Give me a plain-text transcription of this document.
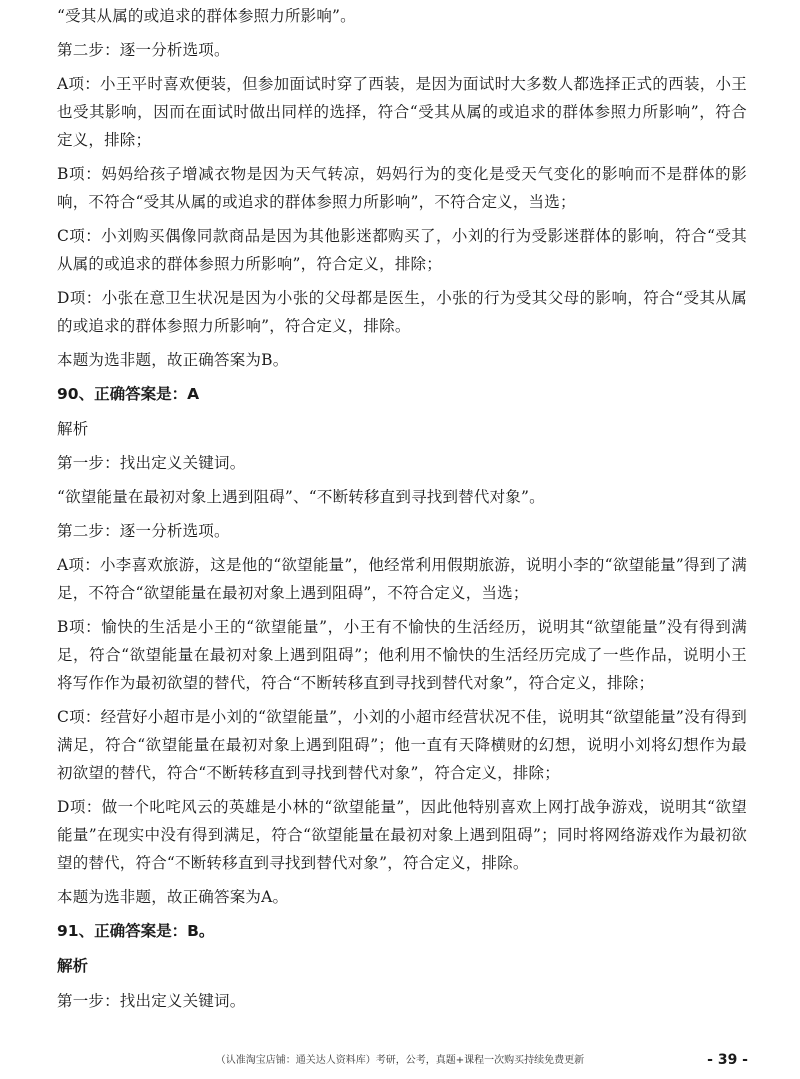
“受其从属的或追求的群体参照力所影响”。

第二步：逐一分析选项。

A项：小王平时喜欢便装，但参加面试时穿了西装，是因为面试时大多数人都选择正式的西装，小王也受其影响，因而在面试时做出同样的选择，符合“受其从属的或追求的群体参照力所影响”，符合定义，排除；

B项：妈妈给孩子增减衣物是因为天气转凉，妈妈行为的变化是受天气变化的影响而不是群体的影响，不符合“受其从属的或追求的群体参照力所影响”，不符合定义，当选；

C项：小刘购买偶像同款商品是因为其他影迷都购买了，小刘的行为受影迷群体的影响，符合“受其从属的或追求的群体参照力所影响”，符合定义，排除；

D项：小张在意卫生状况是因为小张的父母都是医生，小张的行为受其父母的影响，符合“受其从属的或追求的群体参照力所影响”，符合定义，排除。

本题为选非题，故正确答案为B。

90、正确答案是：A

解析

第一步：找出定义关键词。

“欲望能量在最初对象上遇到阻碍”、“不断转移直到寻找到替代对象”。

第二步：逐一分析选项。

A项：小李喜欢旅游，这是他的“欲望能量”，他经常利用假期旅游，说明小李的“欲望能量”得到了满足，不符合“欲望能量在最初对象上遇到阻碍”，不符合定义，当选；

B项：愉快的生活是小王的“欲望能量”，小王有不愉快的生活经历，说明其“欲望能量”没有得到满足，符合“欲望能量在最初对象上遇到阻碍”；他利用不愉快的生活经历完成了一些作品，说明小王将写作作为最初欲望的替代，符合“不断转移直到寻找到替代对象”，符合定义，排除；

C项：经营好小超市是小刘的“欲望能量”，小刘的小超市经营状况不佳，说明其“欲望能量”没有得到满足，符合“欲望能量在最初对象上遇到阻碍”；他一直有天降横财的幻想，说明小刘将幻想作为最初欲望的替代，符合“不断转移直到寻找到替代对象”，符合定义，排除；

D项：做一个叱咤风云的英雄是小林的“欲望能量”，因此他特别喜欢上网打战争游戏，说明其“欲望能量”在现实中没有得到满足，符合“欲望能量在最初对象上遇到阻碍”；同时将网络游戏作为最初欲望的替代，符合“不断转移直到寻找到替代对象”，符合定义，排除。

本题为选非题，故正确答案为A。

91、正确答案是：B。
解析

第一步：找出定义关键词。

（认准淘宝店铺：通关达人资料库）考研，公考，真题+课程一次购买持续免费更新	- 39 -
